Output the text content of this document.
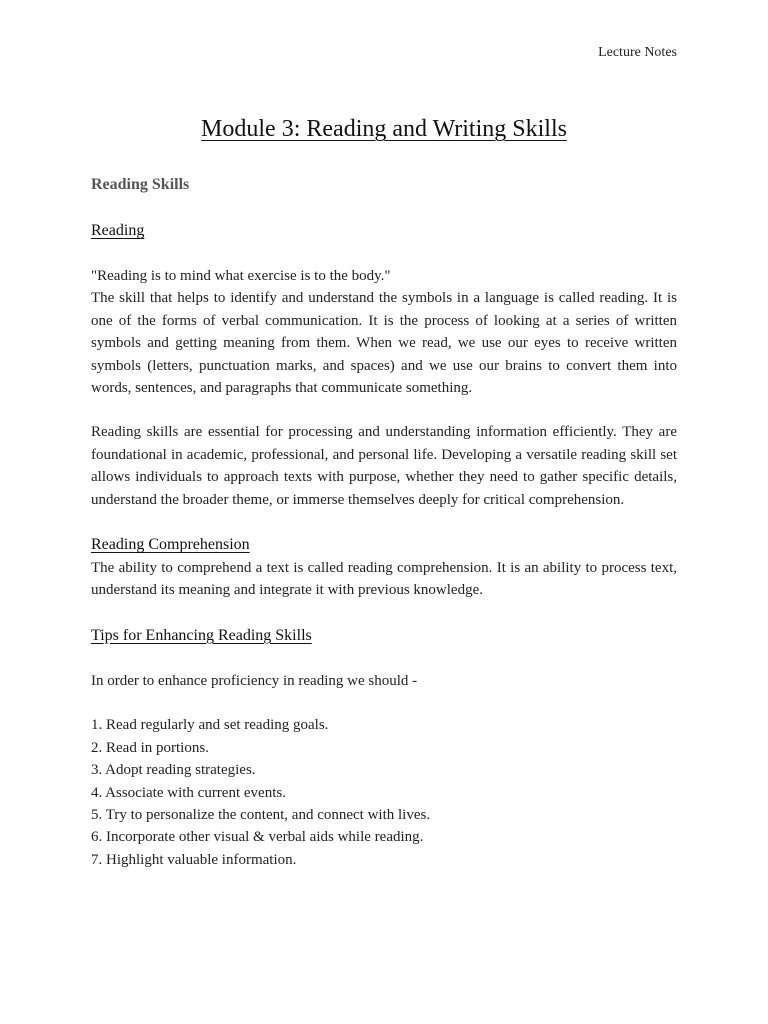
Lecture Notes
Module 3: Reading and Writing Skills

Reading Skills

Reading

"Reading is to mind what exercise is to the body."

The skill that helps to identify and understand the symbols in a language is called reading. It is one of the forms of verbal communication. It is the process of looking at a series of written symbols and getting meaning from them. When we read, we use our eyes to receive written symbols (letters, punctuation marks, and spaces) and we use our brains to convert them into words, sentences, and paragraphs that communicate something.

Reading skills are essential for processing and understanding information efficiently. They are foundational in academic, professional, and personal life. Developing a versatile reading skill set allows individuals to approach texts with purpose, whether they need to gather specific details, understand the broader theme, or immerse themselves deeply for critical comprehension.

Reading Comprehension

The ability to comprehend a text is called reading comprehension. It is an ability to process text, understand its meaning and integrate it with previous knowledge.

Tips for Enhancing Reading Skills

In order to enhance proficiency in reading we should -

1. Read regularly and set reading goals.
2. Read in portions.
3. Adopt reading strategies.
4. Associate with current events.
5. Try to personalize the content, and connect with lives.
6. Incorporate other visual & verbal aids while reading.
7. Highlight valuable information.
